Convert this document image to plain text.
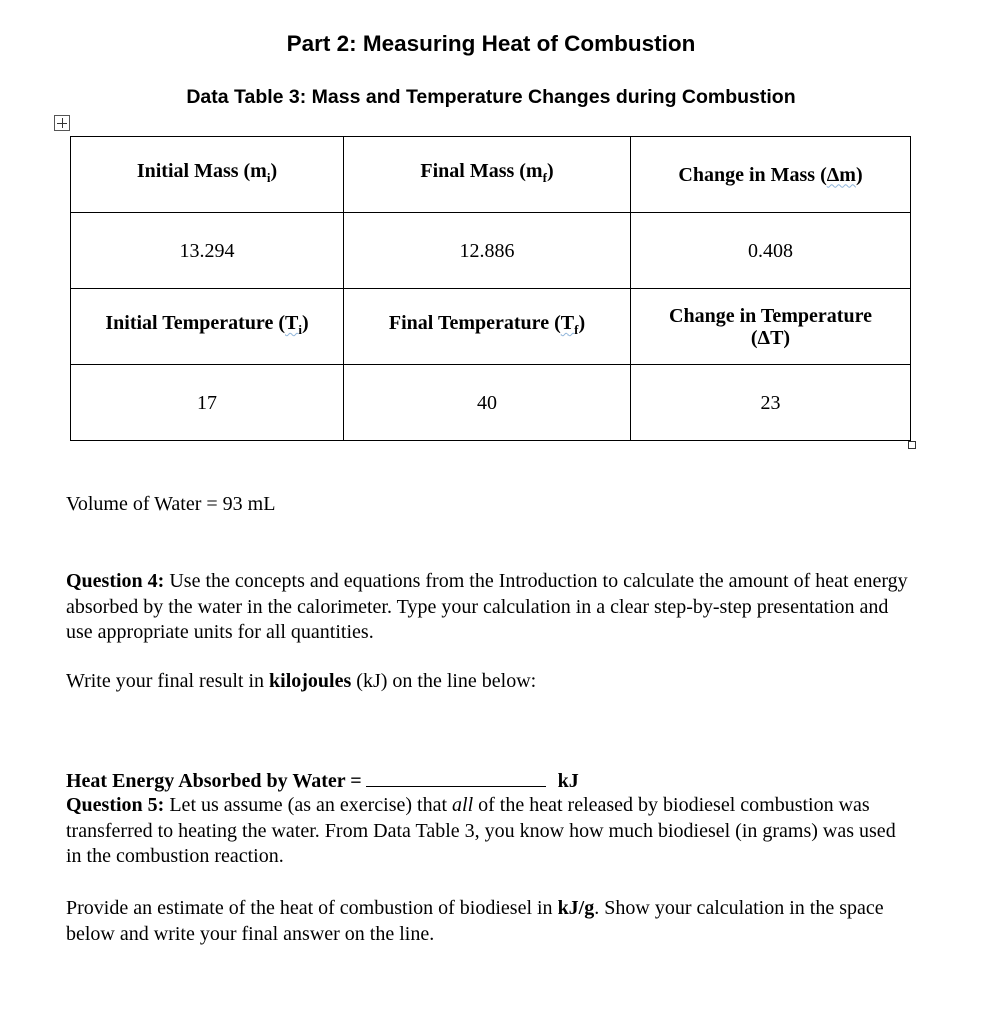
Part 2: Measuring Heat of Combustion
Data Table 3: Mass and Temperature Changes during Combustion
Initial Mass $(m_i)$	Final Mass $(m_f)$	Change in Mass (Δm)
13.294	12.886	0.408
Initial Temperature $(T_i)$	Final Temperature $(T_f)$	Change in Temperature
(ΔT)

17	40	23
Volume of Water = 93 mL
Question 4: Use the concepts and equations from the Introduction to calculate the amount of heat energy absorbed by the water in the calorimeter. Type your calculation in a clear step-by-step presentation and use appropriate units for all quantities.
Write your final result in kilojoules (kJ) on the line below:
Heat Energy Absorbed by Water =	kJ
Question 5: Let us assume (as an exercise) that all of the heat released by biodiesel combustion was transferred to heating the water. From Data Table 3, you know how much biodiesel (in grams) was used in the combustion reaction.
Provide an estimate of the heat of combustion of biodiesel in kJ/g. Show your calculation in the space below and write your final answer on the line.
